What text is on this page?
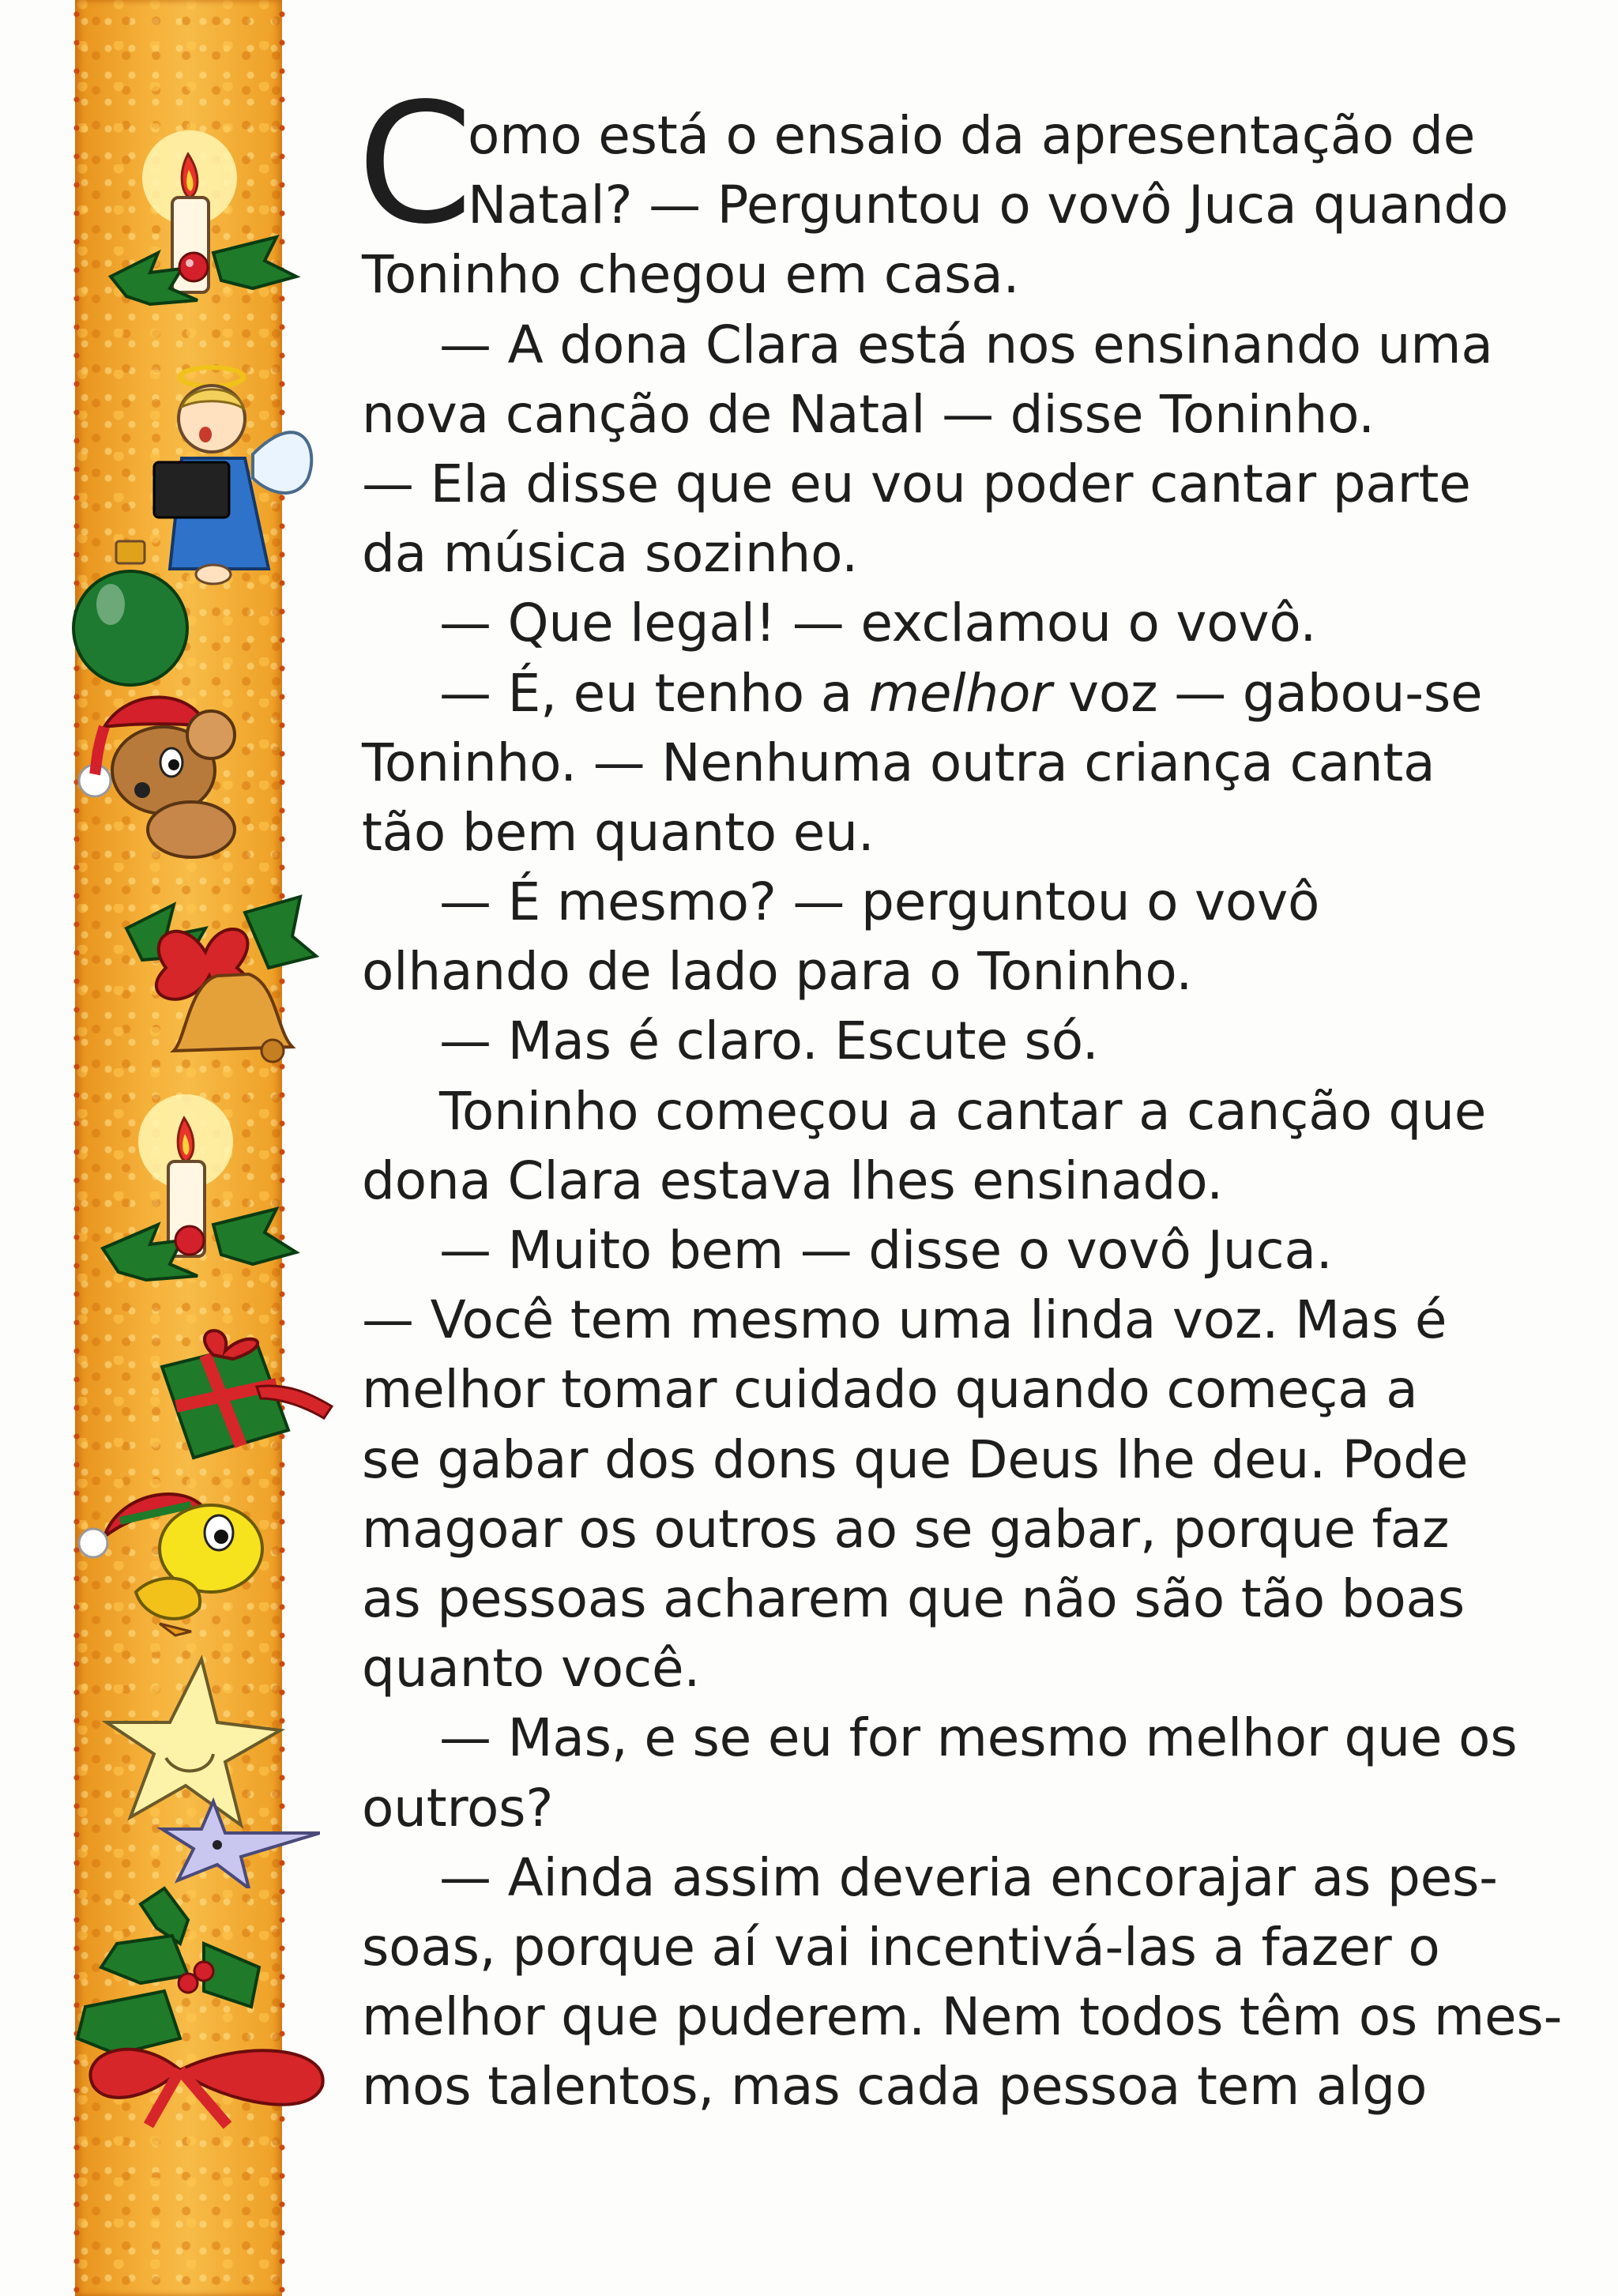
C
omo está o ensaio da apresentação de
Natal? — Perguntou o vovô Juca quando
Toninho chegou em casa.
— A dona Clara está nos ensinando uma
nova canção de Natal — disse Toninho.
— Ela disse que eu vou poder cantar parte
da música sozinho.
— Que legal! — exclamou o vovô.
— É, eu tenho a melhor voz — gabou-se
Toninho. — Nenhuma outra criança canta
tão bem quanto eu.
— É mesmo? — perguntou o vovô
olhando de lado para o Toninho.
— Mas é claro. Escute só.
Toninho começou a cantar a canção que
dona Clara estava lhes ensinado.
— Muito bem — disse o vovô Juca.
— Você tem mesmo uma linda voz. Mas é
melhor tomar cuidado quando começa a
se gabar dos dons que Deus lhe deu. Pode
magoar os outros ao se gabar, porque faz
as pessoas acharem que não são tão boas
quanto você.
— Mas, e se eu for mesmo melhor que os
outros?
— Ainda assim deveria encorajar as pes-
soas, porque aí vai incentivá-las a fazer o
melhor que puderem. Nem todos têm os mes-
mos talentos, mas cada pessoa tem algo
